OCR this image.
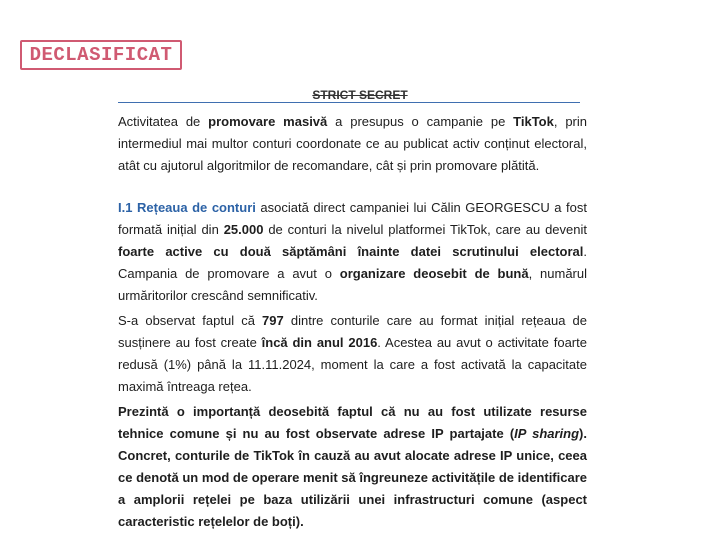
DECLASIFICAT
STRICT SECRET

Activitatea de promovare masivă a presupus o campanie pe TikTok, prin intermediul mai multor conturi coordonate ce au publicat activ conținut electoral, atât cu ajutorul algoritmilor de recomandare, cât și prin promovare plătită.

I.1 Rețeaua de conturi asociată direct campaniei lui Călin GEORGESCU a fost formată inițial din 25.000 de conturi la nivelul platformei TikTok, care au devenit foarte active cu două săptămâni înainte datei scrutinului electoral. Campania de promovare a avut o organizare deosebit de bună, numărul urmăritorilor crescând semnificativ.

S-a observat faptul că 797 dintre conturile care au format inițial rețeaua de susținere au fost create încă din anul 2016. Acestea au avut o activitate foarte redusă (1%) până la 11.11.2024, moment la care a fost activată la capacitate maximă întreaga rețea.

Prezintă o importanță deosebită faptul că nu au fost utilizate resurse tehnice comune și nu au fost observate adrese IP partajate (IP sharing). Concret, conturile de TikTok în cauză au avut alocate adrese IP unice, ceea ce denotă un mod de operare menit să îngreuneze activitățile de identificare a amplorii rețelei pe baza utilizării unei infrastructuri comune (aspect caracteristic rețelelor de boți).
